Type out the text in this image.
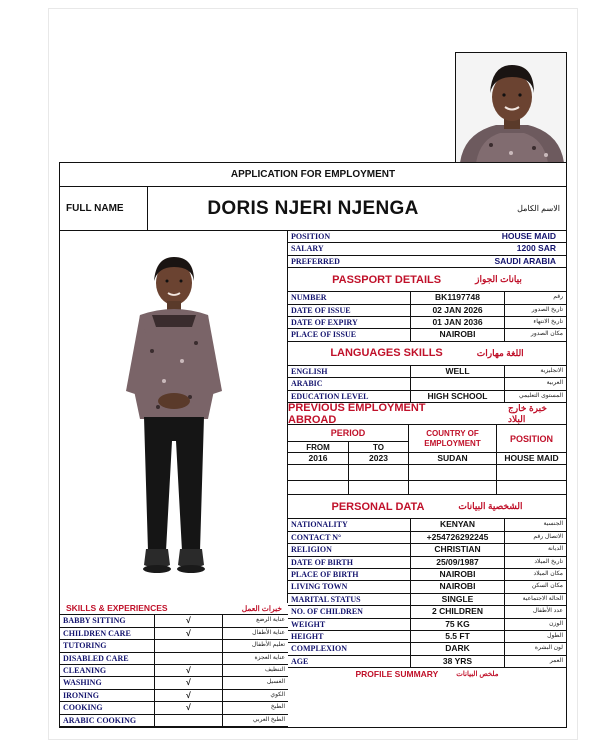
APPLICATION FOR EMPLOYMENT
FULL NAME	DORIS NJERI NJENGA	الاسم الكامل
POSITION	HOUSE MAID
SALARY	1200 SAR
PREFERRED	SAUDI ARABIA
PASSPORT DETAILS	بيانات الجواز
NUMBER	BK1197748	رقم
DATE OF ISSUE	02 JAN 2026	تاريخ الصدور
DATE OF EXPIRY	01 JAN 2036	تاريخ الانتهاء
PLACE OF ISSUE	NAIROBI	مكان الصدور
LANGUAGES SKILLS	اللغة مهارات
ENGLISH	WELL	الانجليزية
ARABIC	العربية
EDUCATION LEVEL	HIGH SCHOOL	المستوى التعليمي
PREVIOUS EMPLOYMENT ABROAD
خبرة خارج البلاد
PERIOD	COUNTRY OF EMPLOYMENT	POSITION
FROM	TO
2016	2023	SUDAN	HOUSE MAID
PERSONAL DATA	الشخصية البيانات
NATIONALITY	KENYAN	الجنسية
CONTACT N°	+254726292245	الاتصال رقم
RELIGION	CHRISTIAN	الديانة
DATE OF BIRTH	25/09/1987	تاريخ الميلاد
PLACE OF BIRTH	NAIROBI	مكان الميلاد
LIVING TOWN	NAIROBI	مكان السكن
MARITAL STATUS	SINGLE	الحالة الاجتماعية
NO. OF CHILDREN	2 CHILDREN	عدد الأطفال
WEIGHT	75 KG	الوزن
HEIGHT	5.5 FT	الطول
COMPLEXION	DARK	لون البشرة
AGE	38 YRS	العمر
PROFILE SUMMARY	ملخص البيانات
SKILLS & EXPERIENCES	خبرات العمل
BABBY SITTING	√	عناية الرضع
CHILDREN CARE	√	عناية الأطفال
TUTORING	تعليم الأطفال
DISABLED CARE	عناية العجزة
CLEANING	√	التنظيف
WASHING	√	الغسيل
IRONING	√	الكوي
COOKING	√	الطبخ
ARABIC COOKING	الطبخ العربي
